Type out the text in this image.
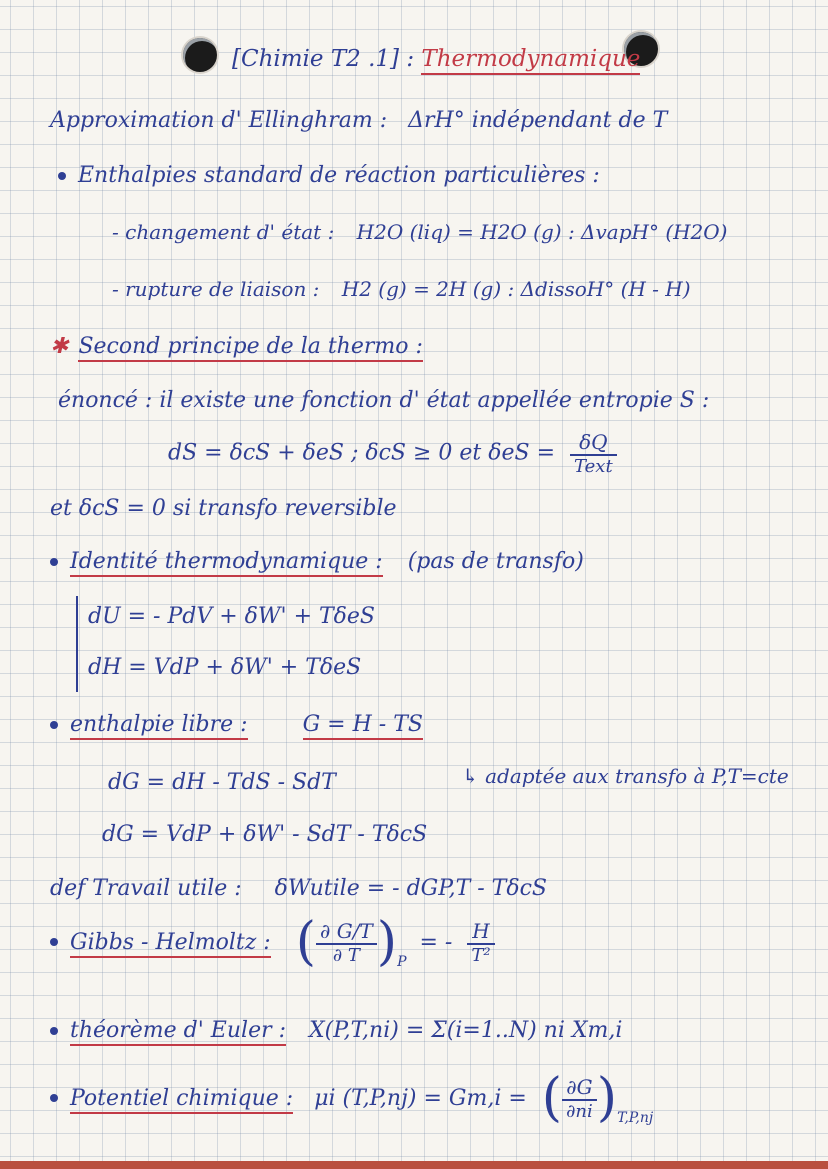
[Chimie T2 .1] : Thermodynamique
Approximation d' Ellinghram : ΔrH° indépendant de T
Enthalpies standard de réaction particulières :
- changement d' état : H2O (liq) = H2O (g) : ΔvapH° (H2O)
- rupture de liaison : H2 (g) = 2H (g) : ΔdissoH° (H - H)
✱ Second principe de la thermo :
énoncé : il existe une fonction d' état appellée entropie S :
dS = δcS + δeS ; δcS ≥ 0 et $\delta eS = \frac{\delta Q}{\text{Text}}$
et δcS = 0 si transfo reversible
Identité thermodynamique : (pas de transfo)
dU = - PdV + δW' + TδeS
dH = VdP + δW' + TδeS
enthalpie libre :	G = H - TS
dG = dH - TdS - SdT	↳ adaptée aux transfo à P,T=cte
dG = VdP + δW' - SdT - TδcS
def Travail utile : δWutile = - dGP,T - TδcS
Gibbs - Helmoltz : ( $\frac{\partial G/T}{\partial T} )_P$ = - $\frac{H}{\text{T²}}$
théorème d' Euler : X(P,T,ni) = Σ(i=1..N) ni Xm,i
Potentiel chimique : μi (T,P,nj) = Gm,i = ( $\frac{\partial G}{\partial ni} )_{T,P,nj}$
